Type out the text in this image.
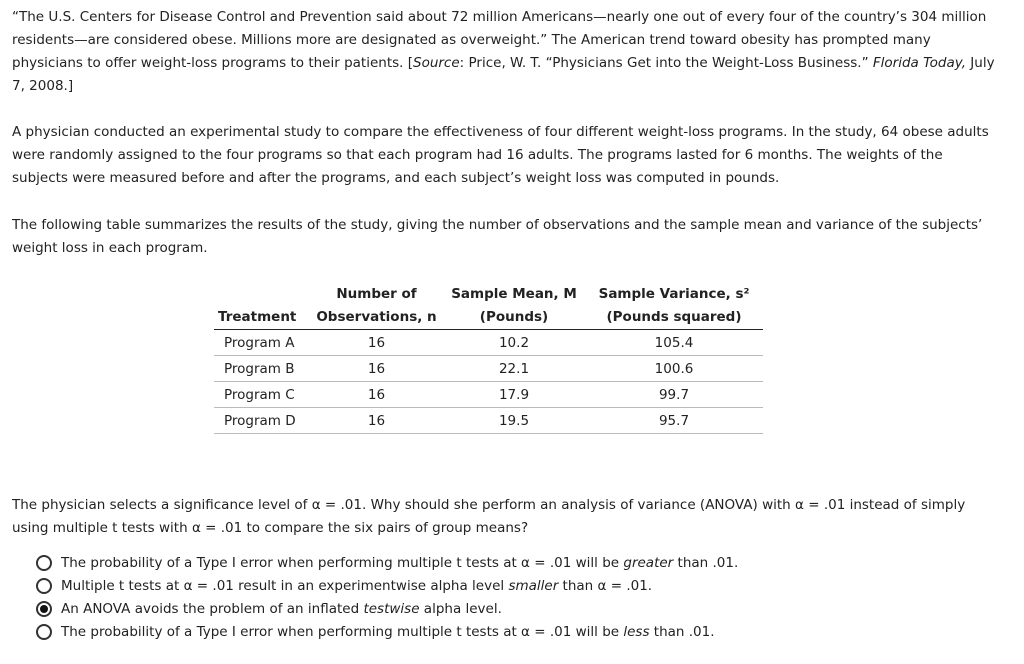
“The U.S. Centers for Disease Control and Prevention said about 72 million Americans—nearly one out of every four of the country’s 304 million residents—are considered obese. Millions more are designated as overweight.” The American trend toward obesity has prompted many physicians to offer weight-loss programs to their patients. [Source: Price, W. T. “Physicians Get into the Weight-Loss Business.” Florida Today, July 7, 2008.]

A physician conducted an experimental study to compare the effectiveness of four different weight-loss programs. In the study, 64 obese adults were randomly assigned to the four programs so that each program had 16 adults. The programs lasted for 6 months. The weights of the subjects were measured before and after the programs, and each subject’s weight loss was computed in pounds.

The following table summarizes the results of the study, giving the number of observations and the sample mean and variance of the subjects’ weight loss in each program.

	Number of	Sample Mean, M	Sample Variance, s²
Treatment	Observations, n	(Pounds)	(Pounds squared)
Program A	16	10.2	105.4
Program B	16	22.1	100.6
Program C	16	17.9	99.7
Program D	16	19.5	95.7

The physician selects a significance level of α = .01. Why should she perform an analysis of variance (ANOVA) with α = .01 instead of simply using multiple t tests with α = .01 to compare the six pairs of group means?

The probability of a Type I error when performing multiple t tests at α = .01 will be greater than .01.
Multiple t tests at α = .01 result in an experimentwise alpha level smaller than α = .01.
An ANOVA avoids the problem of an inflated testwise alpha level.
The probability of a Type I error when performing multiple t tests at α = .01 will be less than .01.
